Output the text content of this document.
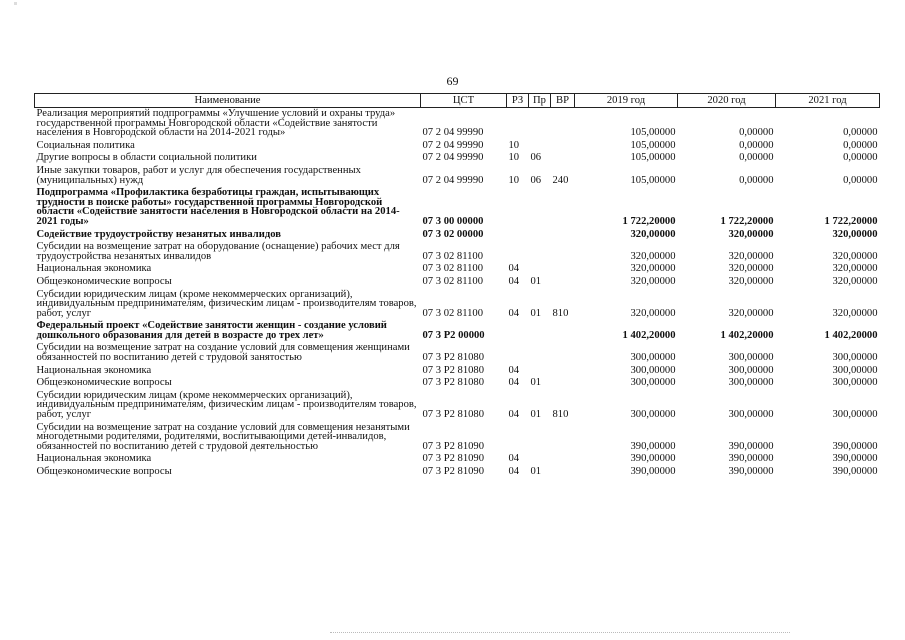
69
Наименование	ЦСТ	РЗ	Пр	ВР	2019 год	2020 год	2021 год
Реализация мероприятий подпрограммы «Улучшение условий и охраны труда» государственной программы Новгородской области «Содействие занятости населения в Новгородской области на 2014-2021 годы»	07 2 04 99990				105,00000	0,00000	0,00000
Социальная политика	07 2 04 99990	10			105,00000	0,00000	0,00000
Другие вопросы в области социальной политики	07 2 04 99990	10	06		105,00000	0,00000	0,00000
Иные закупки товаров, работ и услуг для обеспечения государственных (муниципальных) нужд	07 2 04 99990	10	06	240	105,00000	0,00000	0,00000
Подпрограмма «Профилактика безработицы граждан, испытывающих трудности в поиске работы» государственной программы Новгородской области «Содействие занятости населения в Новгородской области на 2014-2021 годы»	07 3 00 00000				1 722,20000	1 722,20000	1 722,20000
Содействие трудоустройству незанятых инвалидов	07 3 02 00000				320,00000	320,00000	320,00000
Субсидии на возмещение затрат на оборудование (оснащение) рабочих мест для трудоустройства незанятых инвалидов	07 3 02 81100				320,00000	320,00000	320,00000
Национальная экономика	07 3 02 81100	04			320,00000	320,00000	320,00000
Общеэкономические вопросы	07 3 02 81100	04	01		320,00000	320,00000	320,00000
Субсидии юридическим лицам (кроме некоммерческих организаций), индивидуальным предпринимателям, физическим лицам - производителям товаров, работ, услуг	07 3 02 81100	04	01	810	320,00000	320,00000	320,00000
Федеральный проект «Содействие занятости женщин - создание условий дошкольного образования для детей в возрасте до трех лет»	07 3 P2 00000				1 402,20000	1 402,20000	1 402,20000
Субсидии на возмещение затрат на создание условий для совмещения женщинами обязанностей по воспитанию детей с трудовой занятостью	07 3 P2 81080				300,00000	300,00000	300,00000
Национальная экономика	07 3 P2 81080	04			300,00000	300,00000	300,00000
Общеэкономические вопросы	07 3 P2 81080	04	01		300,00000	300,00000	300,00000
Субсидии юридическим лицам (кроме некоммерческих организаций), индивидуальным предпринимателям, физическим лицам - производителям товаров, работ, услуг	07 3 P2 81080	04	01	810	300,00000	300,00000	300,00000
Субсидии на возмещение затрат на создание условий для совмещения незанятыми многодетными родителями, родителями, воспитывающими детей-инвалидов, обязанностей по воспитанию детей с трудовой деятельностью	07 3 P2 81090				390,00000	390,00000	390,00000
Национальная экономика	07 3 P2 81090	04			390,00000	390,00000	390,00000
Общеэкономические вопросы	07 3 P2 81090	04	01		390,00000	390,00000	390,00000
